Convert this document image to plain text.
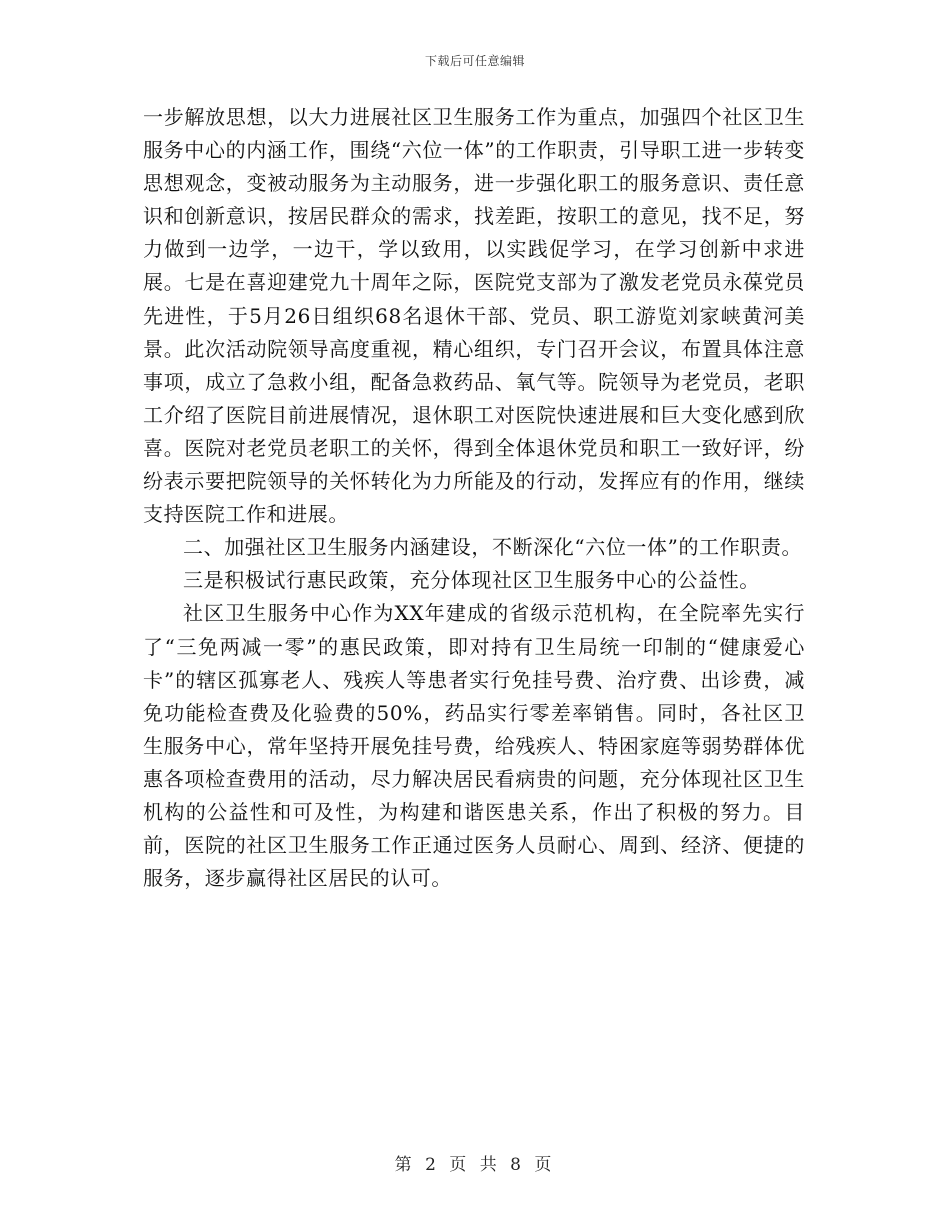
下载后可任意编辑

一步解放思想，以大力进展社区卫生服务工作为重点，加强四个社区卫生服务中心的内涵工作，围绕“六位一体”的工作职责，引导职工进一步转变思想观念，变被动服务为主动服务，进一步强化职工的服务意识、责任意识和创新意识，按居民群众的需求，找差距，按职工的意见，找不足，努力做到一边学，一边干，学以致用，以实践促学习，在学习创新中求进展。七是在喜迎建党九十周年之际，医院党支部为了激发老党员永葆党员先进性，于5月26日组织68名退休干部、党员、职工游览刘家峡黄河美景。此次活动院领导高度重视，精心组织，专门召开会议，布置具体注意事项，成立了急救小组，配备急救药品、氧气等。院领导为老党员，老职工介绍了医院目前进展情况，退休职工对医院快速进展和巨大变化感到欣喜。医院对老党员老职工的关怀，得到全体退休党员和职工一致好评，纷纷表示要把院领导的关怀转化为力所能及的行动，发挥应有的作用，继续支持医院工作和进展。

二、加强社区卫生服务内涵建设，不断深化“六位一体”的工作职责。

三是积极试行惠民政策，充分体现社区卫生服务中心的公益性。

社区卫生服务中心作为XX年建成的省级示范机构，在全院率先实行了“三免两减一零”的惠民政策，即对持有卫生局统一印制的“健康爱心卡”的辖区孤寡老人、残疾人等患者实行免挂号费、治疗费、出诊费，减免功能检查费及化验费的50%，药品实行零差率销售。同时，各社区卫生服务中心，常年坚持开展免挂号费，给残疾人、特困家庭等弱势群体优惠各项检查费用的活动，尽力解决居民看病贵的问题，充分体现社区卫生机构的公益性和可及性，为构建和谐医患关系，作出了积极的努力。目前，医院的社区卫生服务工作正通过医务人员耐心、周到、经济、便捷的服务，逐步赢得社区居民的认可。

第 2 页 共 8 页
